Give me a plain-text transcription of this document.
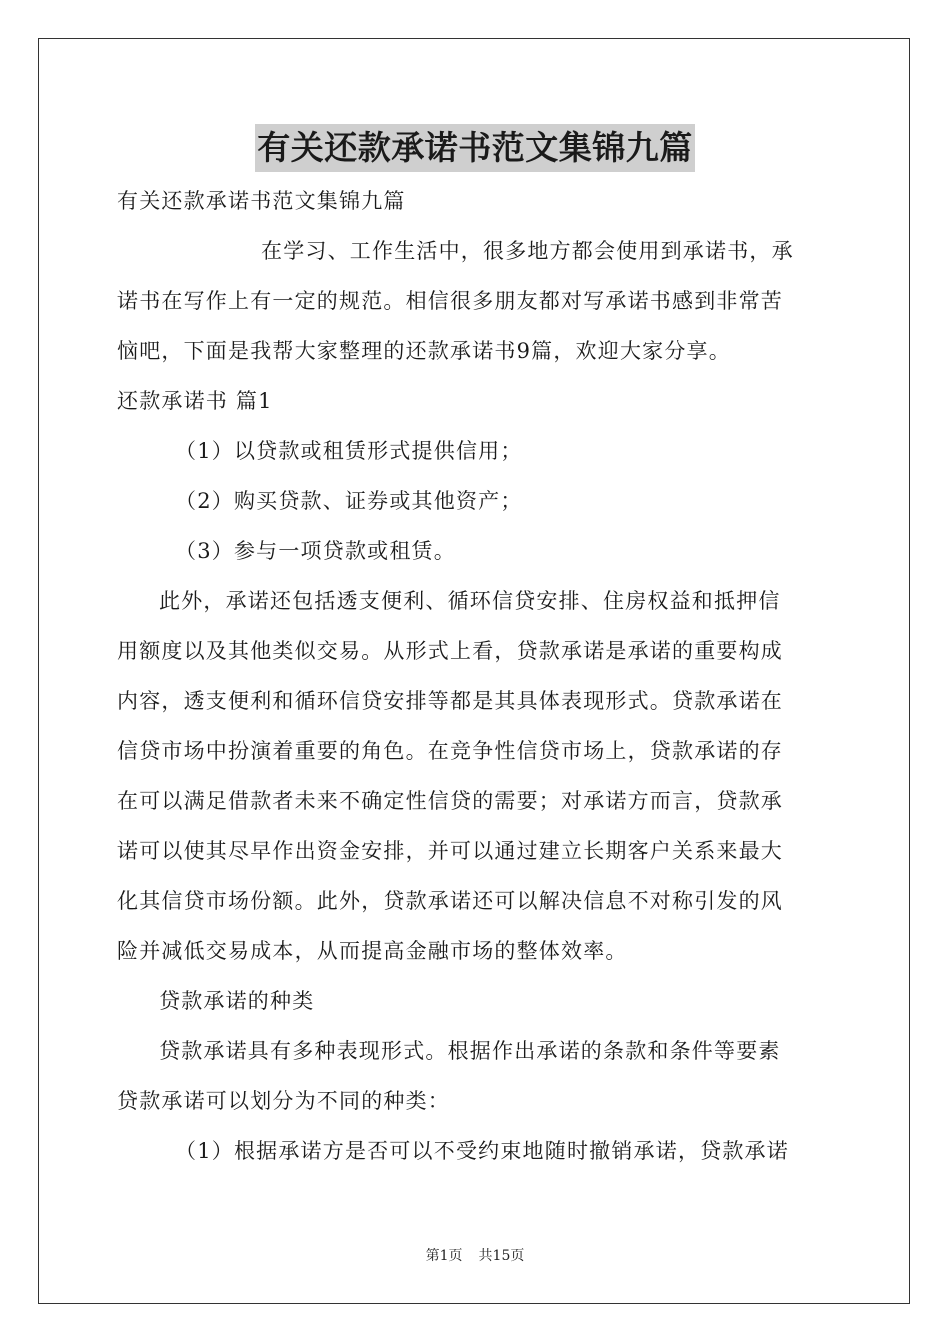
有关还款承诺书范文集锦九篇

有关还款承诺书范文集锦九篇

在学习、工作生活中，很多地方都会使用到承诺书，承

诺书在写作上有一定的规范。相信很多朋友都对写承诺书感到非常苦

恼吧，下面是我帮大家整理的还款承诺书9篇，欢迎大家分享。

还款承诺书 篇1

（1）以贷款或租赁形式提供信用；

（2）购买贷款、证券或其他资产；

（3）参与一项贷款或租赁。

此外，承诺还包括透支便利、循环信贷安排、住房权益和抵押信

用额度以及其他类似交易。从形式上看，贷款承诺是承诺的重要构成

内容，透支便利和循环信贷安排等都是其具体表现形式。贷款承诺在

信贷市场中扮演着重要的角色。在竞争性信贷市场上，贷款承诺的存

在可以满足借款者未来不确定性信贷的需要；对承诺方而言，贷款承

诺可以使其尽早作出资金安排，并可以通过建立长期客户关系来最大

化其信贷市场份额。此外，贷款承诺还可以解决信息不对称引发的风

险并减低交易成本，从而提高金融市场的整体效率。

贷款承诺的种类

贷款承诺具有多种表现形式。根据作出承诺的条款和条件等要素

贷款承诺可以划分为不同的种类：

（1）根据承诺方是否可以不受约束地随时撤销承诺，贷款承诺

第1页 共15页
